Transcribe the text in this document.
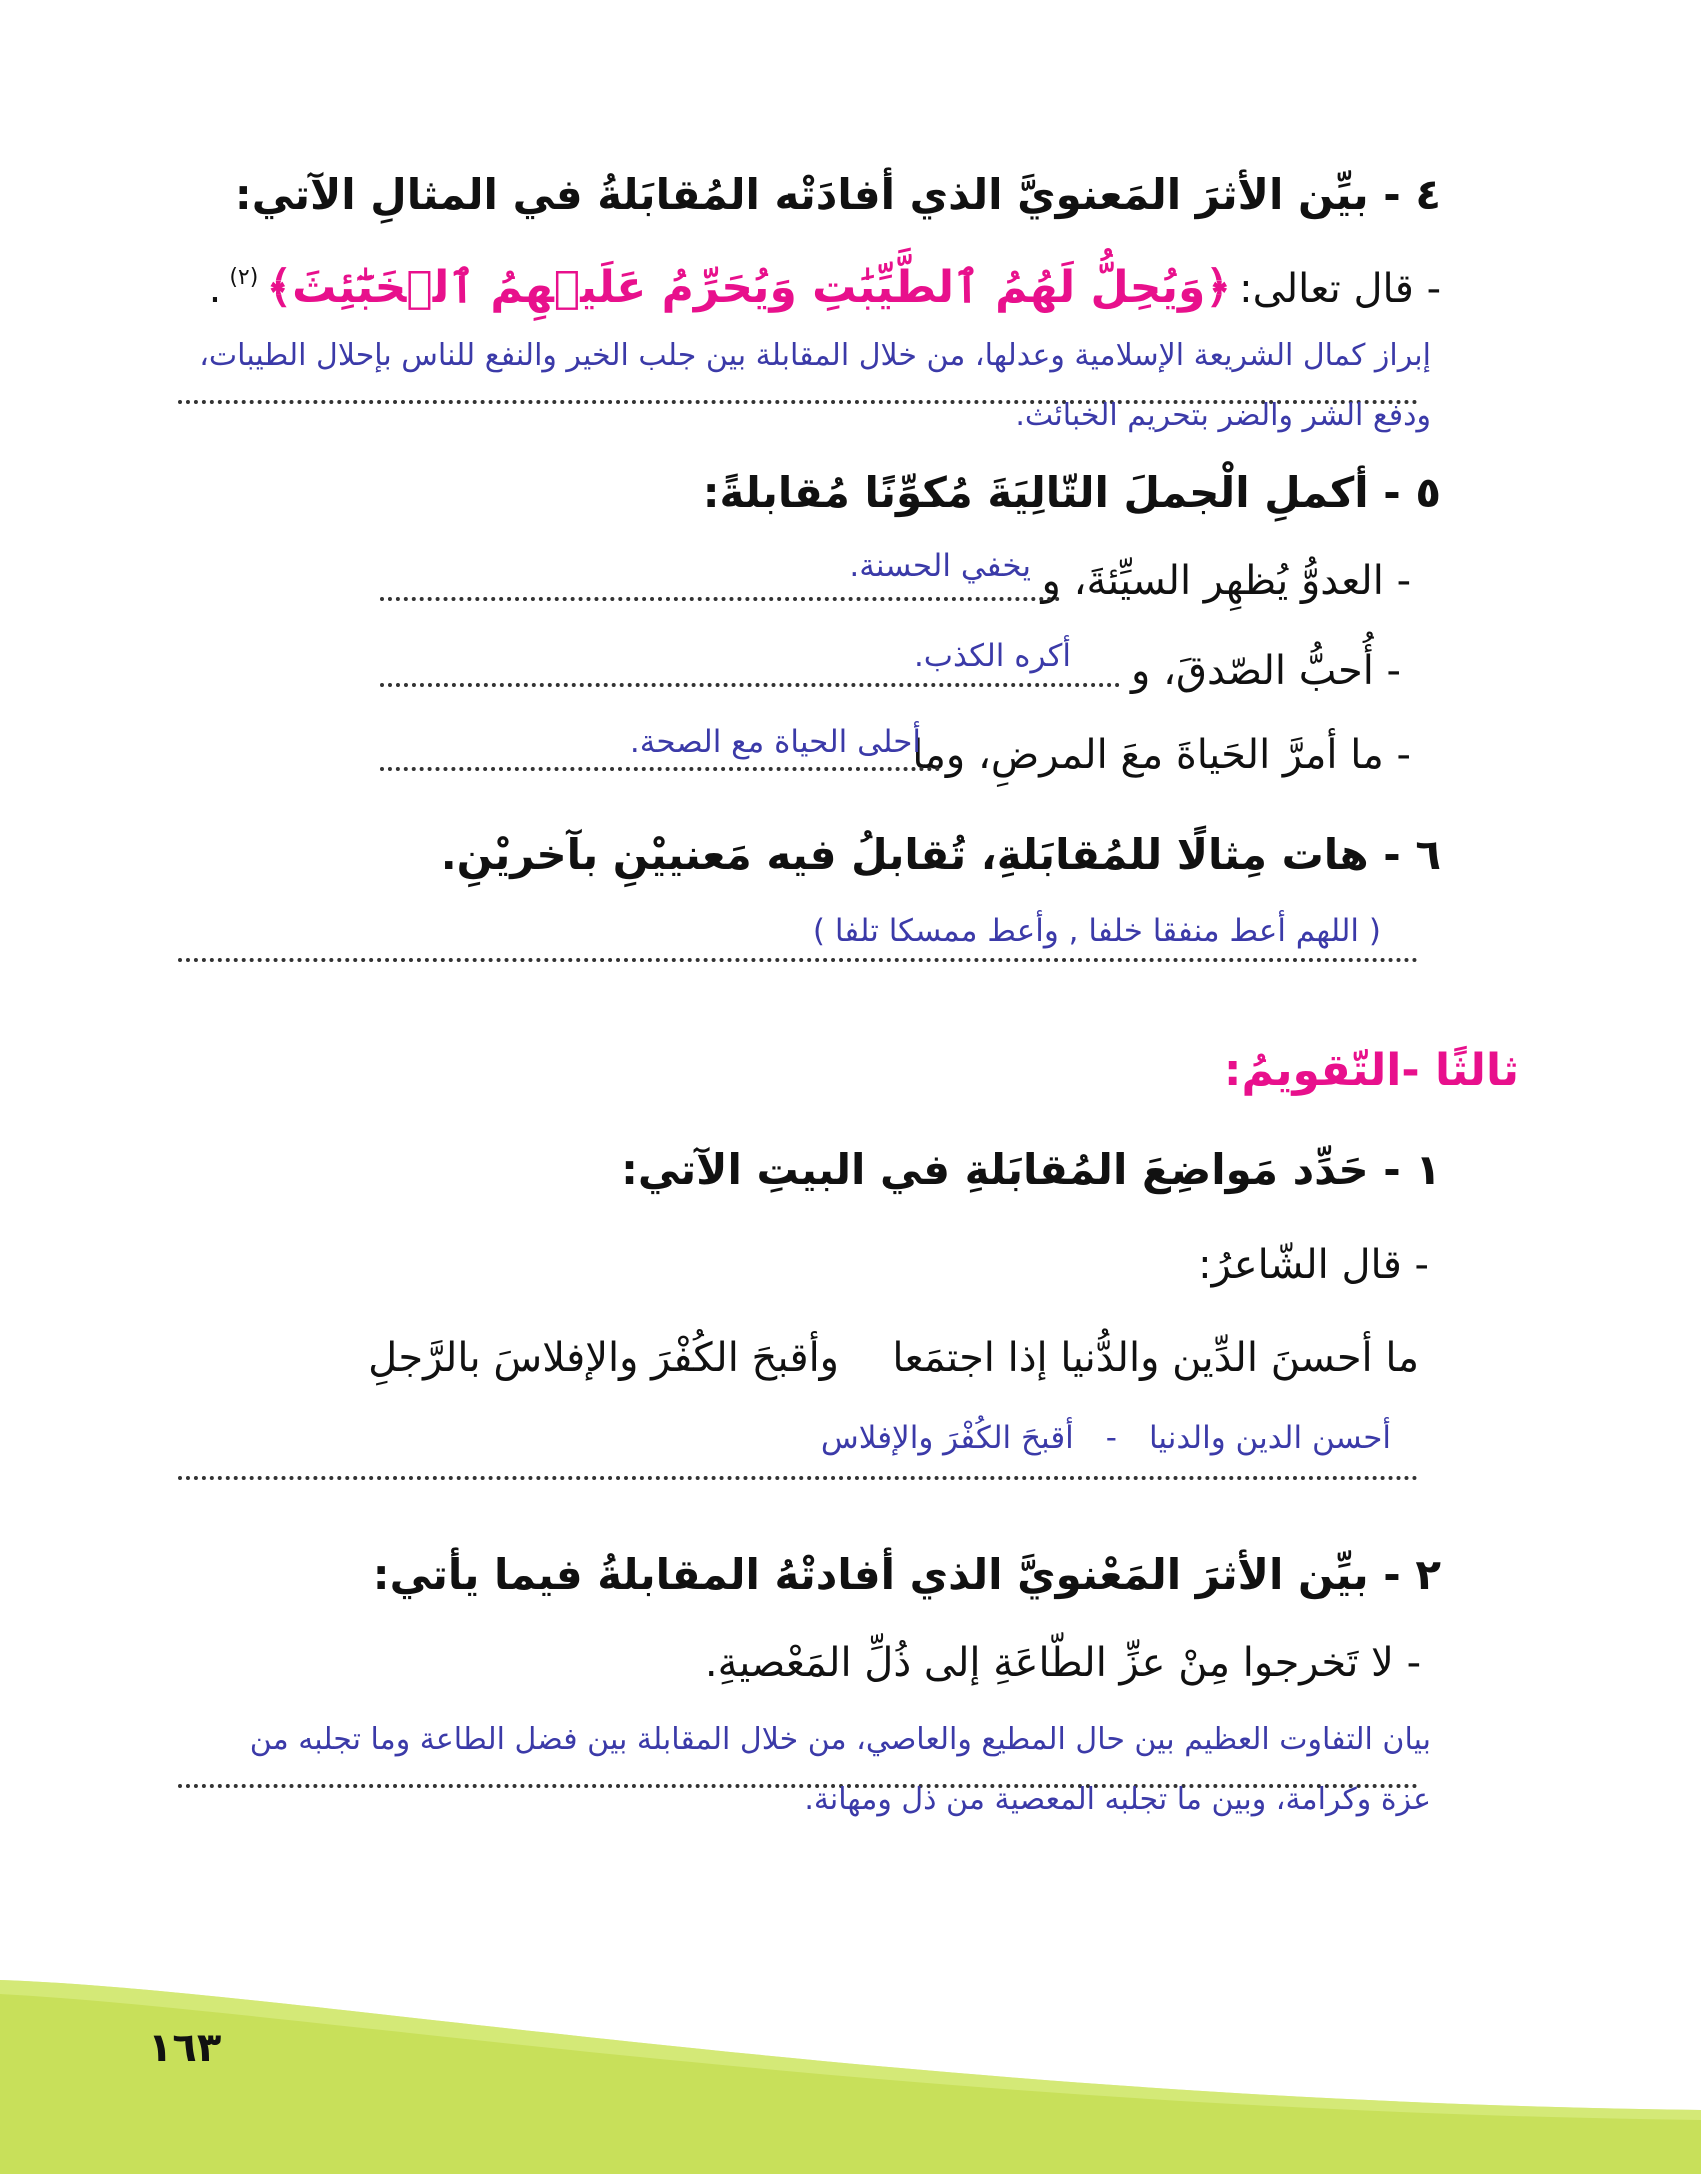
٤ - بيِّن الأثرَ المَعنويَّ الذي أفادَتْه المُقابَلةُ في المثالِ الآتي:
- قال تعالى:
﴿وَيُحِلُّ لَهُمُ ٱلطَّيِّبَٰتِ وَيُحَرِّمُ عَلَيۡهِمُ ٱلۡخَبَٰٓئِثَ﴾
(٢)
.
إبراز كمال الشريعة الإسلامية وعدلها، من خلال المقابلة بين جلب الخير والنفع للناس بإحلال الطيبات،
ودفع الشر والضر بتحريم الخبائث.
٥ - أكملِ الْجملَ التّالِيَةَ مُكوِّنًا مُقابلةً:
- العدوُّ يُظهِر السيِّئةَ، و
يخفي الحسنة.
- أُحبُّ الصّدقَ، و
أكره الكذب.
- ما أمرَّ الحَياةَ معَ المرضِ، وما
أحلى الحياة مع الصحة.
٦ - هات مِثالًا للمُقابَلةِ، تُقابلُ فيه مَعنييْنِ بآخريْنِ.
( اللهم أعط منفقا خلفا , وأعط ممسكا تلفا )
ثالثًا -التّقويمُ:
١ - حَدِّد مَواضِعَ المُقابَلةِ في البيتِ الآتي:
- قال الشّاعرُ:
ما أحسنَ الدِّين والدُّنيا إذا اجتمَعا
وأقبحَ الكُفْرَ والإفلاسَ بالرَّجلِ
أحسن الدين والدنيا
-
أقبحَ الكُفْرَ والإفلاس
٢ - بيِّن الأثرَ المَعْنويَّ الذي أفادتْهُ المقابلةُ فيما يأتي:
- لا تَخرجوا مِنْ عزِّ الطّاعَةِ إلى ذُلِّ المَعْصيةِ.
بيان التفاوت العظيم بين حال المطيع والعاصي، من خلال المقابلة بين فضل الطاعة وما تجلبه من
عزة وكرامة، وبين ما تجلبه المعصية من ذل ومهانة.
١٦٣
